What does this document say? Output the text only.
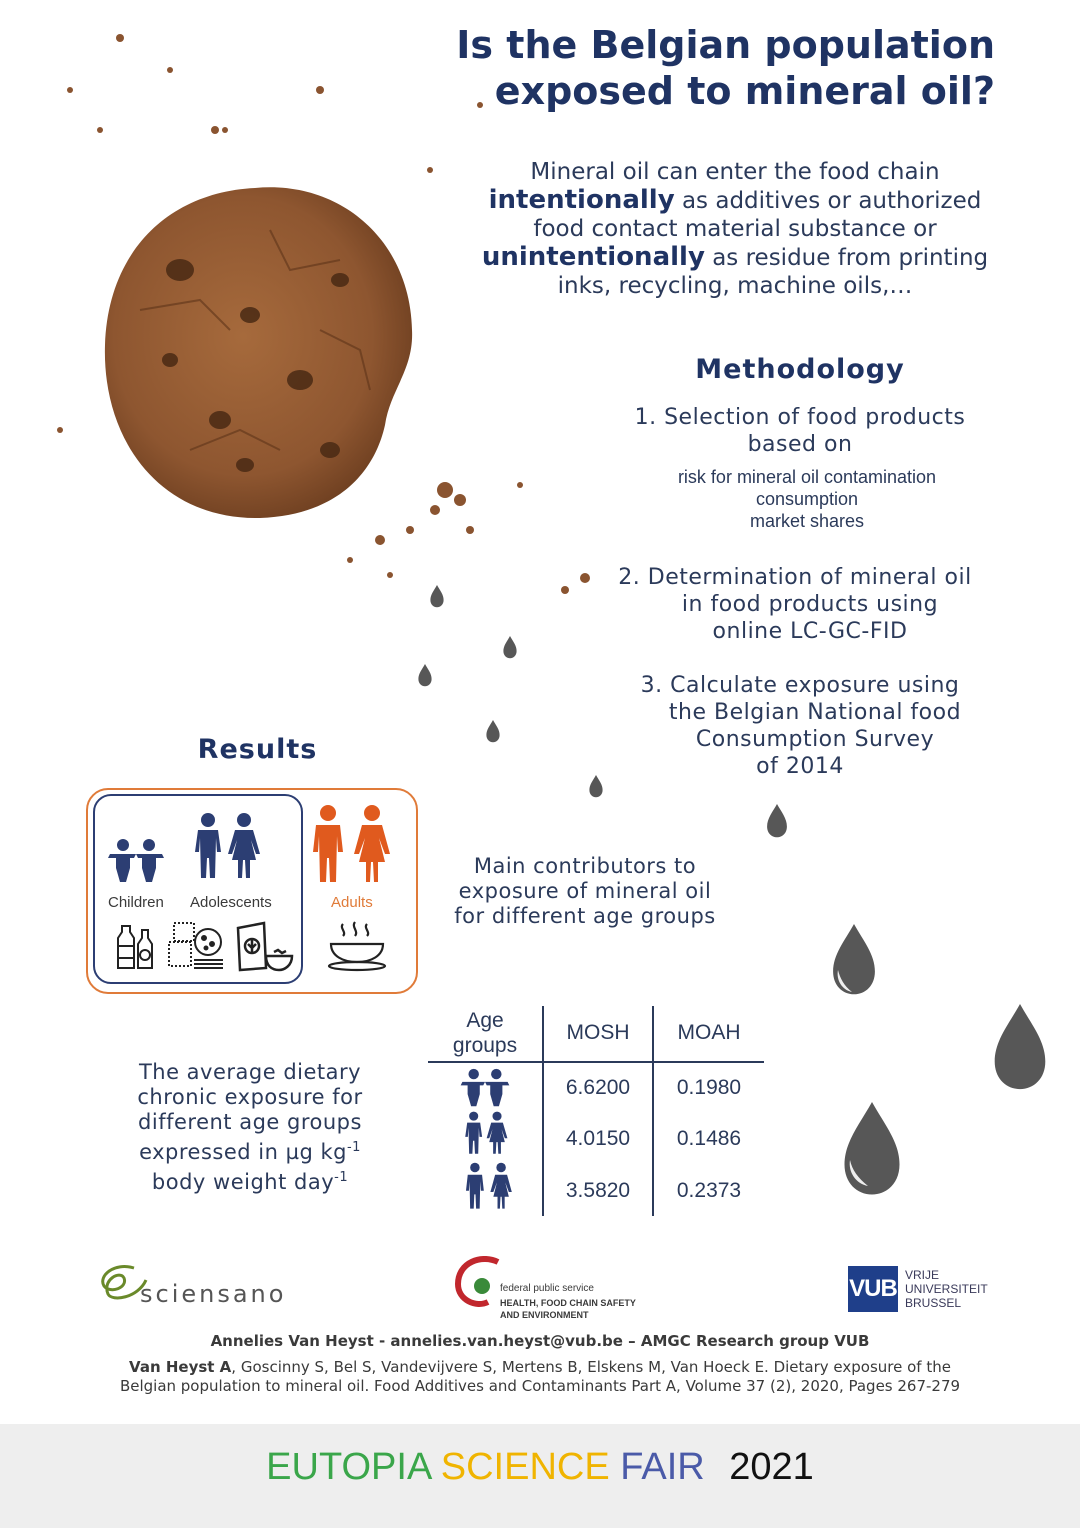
Is the Belgian population
exposed to mineral oil?
Mineral oil can enter the food chain
intentionally as additives or authorized
food contact material substance or
unintentionally as residue from printing
inks, recycling, machine oils,…
Methodology
1. Selection of food products
based on
risk for mineral oil contamination
consumption
market shares
2. Determination of mineral oil
in food products using
online LC-GC-FID
3. Calculate exposure using
the Belgian National food
Consumption Survey
of 2014
Results
Children Adolescents	Adults
Main contributors to
exposure of mineral oil
for different age groups
The average dietary
chronic exposure for
different age groups
expressed in µg $kg^{-1}$
body weight day$^{-1}$
Age
groups
MOSH	MOAH
6.6200	0.1980
4.0150	0.1486
3.5820	0.2373
sciensano	federal public service
HEALTH, FOOD CHAIN SAFETY
AND ENVIRONMENT
VUB VRIJE
UNIVERSITEIT
BRUSSEL
Annelies Van Heyst - annelies.van.heyst@vub.be – AMGC Research group VUB
Van Heyst A, Goscinny S, Bel S, Vandevijvere S, Mertens B, Elskens M, Van Hoeck E. Dietary exposure of the
Belgian population to mineral oil. Food Additives and Contaminants Part A, Volume 37 (2), 2020, Pages 267-279
EUTOPIA SCIENCE FAIR 2021
